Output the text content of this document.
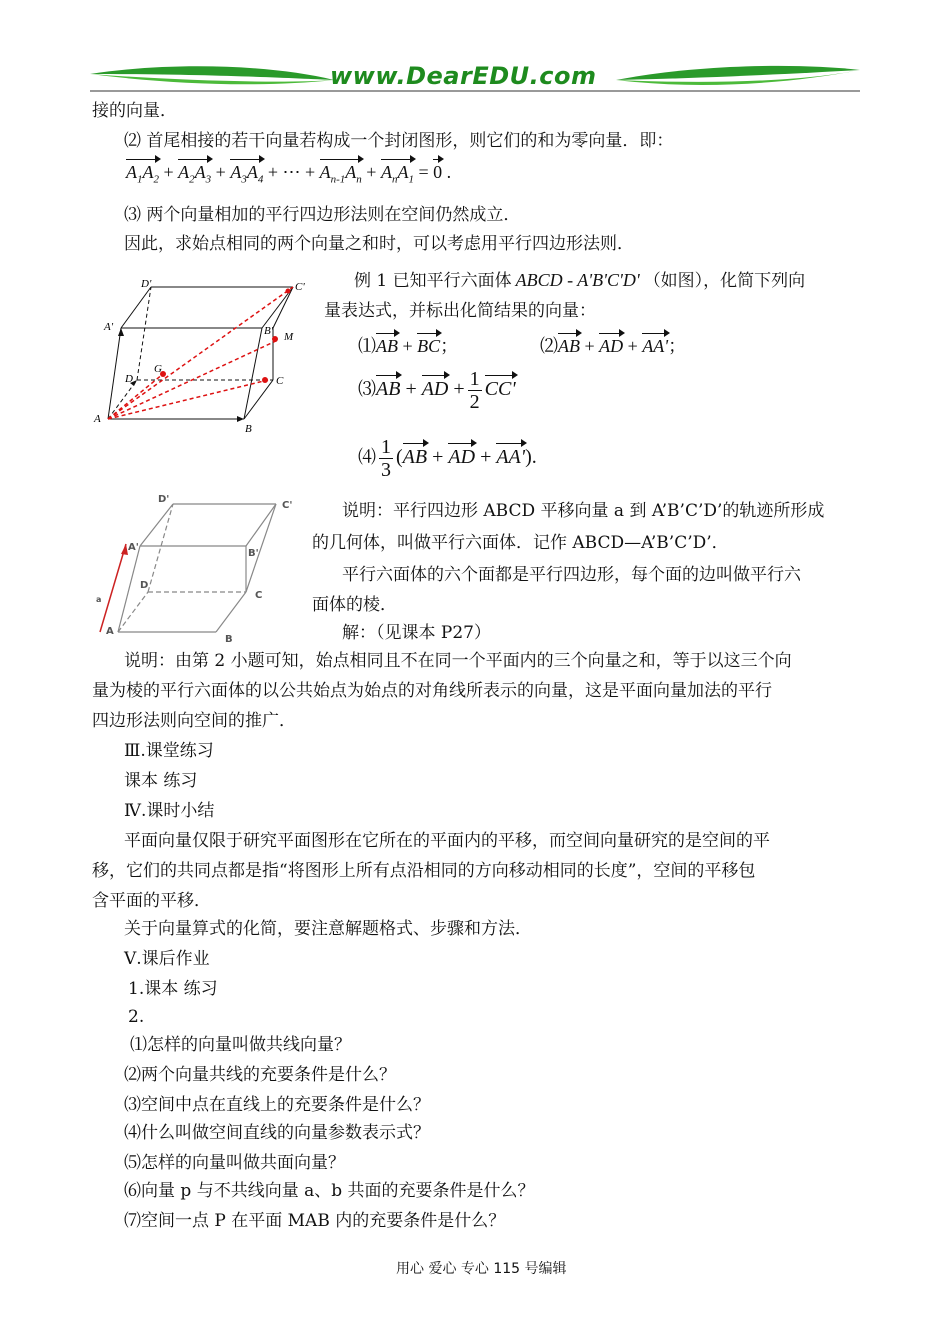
www.DearEDU.com
接的向量．
⑵ 首尾相接的若干向量若构成一个封闭图形，则它们的和为零向量．即：
$A_1A_2 + A_2A_3 + A_3A_4$ + ⋯ + $A_{n-1}A_n + A_nA_1 = 0$ .
⑶ 两个向量相加的平行四边形法则在空间仍然成立．
因此，求始点相同的两个向量之和时，可以考虑用平行四边形法则．
A
B
C
D
A'	B'
C'
D'
G
M
例 1 已知平行六面体 ABCD - A'B'C'D' （如图），化简下列向
量表达式，并标出化简结果的向量：
⑴AB + BC；	⑵AB + AD + AA'；
⑶AB + AD + $\frac{1}{2} CC'$
⑷ $\frac{1}{3} (AB$ + AD + AA').
A
B
C
D
A'
B'
C'
D'
a
说明：平行四边形 ABCD 平移向量 a 到 A’B’C’D’的轨迹所形成
的几何体，叫做平行六面体．记作 ABCD—A’B’C’D’．
平行六面体的六个面都是平行四边形，每个面的边叫做平行六
面体的棱．
解：（见课本 P27）
说明：由第 2 小题可知，始点相同且不在同一个平面内的三个向量之和，等于以这三个向
量为棱的平行六面体的以公共始点为始点的对角线所表示的向量，这是平面向量加法的平行
四边形法则向空间的推广．
Ⅲ.课堂练习
课本 练习
Ⅳ.课时小结
平面向量仅限于研究平面图形在它所在的平面内的平移，而空间向量研究的是空间的平
移，它们的共同点都是指“将图形上所有点沿相同的方向移动相同的长度”，空间的平移包
含平面的平移．
关于向量算式的化简，要注意解题格式、步骤和方法．
Ⅴ.课后作业
1.课本 练习
2.
⑴怎样的向量叫做共线向量？
⑵两个向量共线的充要条件是什么？
⑶空间中点在直线上的充要条件是什么？
⑷什么叫做空间直线的向量参数表示式？
⑸怎样的向量叫做共面向量？
⑹向量 p 与不共线向量 a、b 共面的充要条件是什么？
⑺空间一点 P 在平面 MAB 内的充要条件是什么？
用心 爱心 专心 115 号编辑
